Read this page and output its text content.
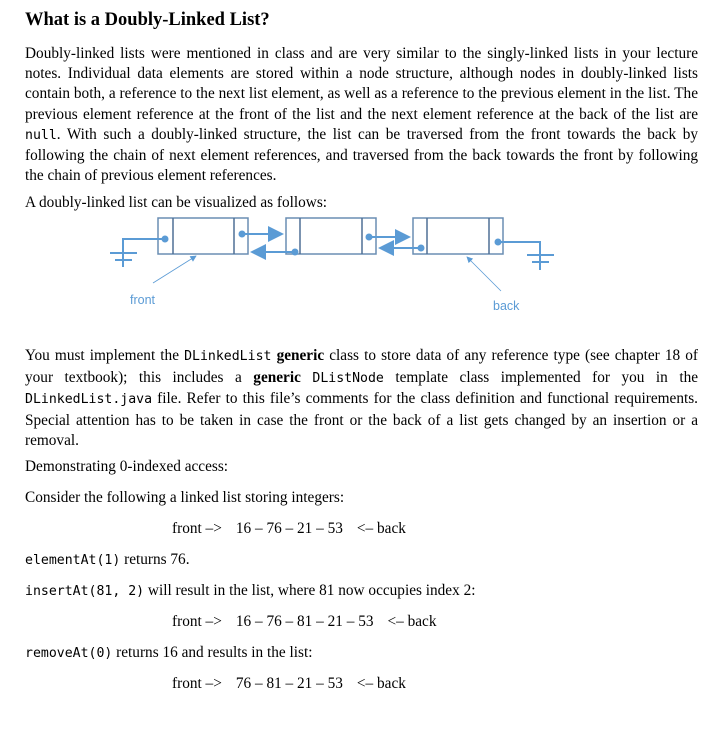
What is a Doubly-Linked List?
Doubly-linked lists were mentioned in class and are very similar to the singly-linked lists in your lecture notes. Individual data elements are stored within a node structure, although nodes in doubly-linked lists contain both, a reference to the next list element, as well as a reference to the previous element in the list. The previous element reference at the front of the list and the next element reference at the back of the list are null. With such a doubly-linked structure, the list can be traversed from the front towards the back by following the chain of next element references, and traversed from the back towards the front by following the chain of previous element references.
A doubly-linked list can be visualized as follows:
front	back
You must implement the DLinkedList generic class to store data of any reference type (see chapter 18 of your textbook); this includes a generic DListNode template class implemented for you in the DLinkedList.java file. Refer to this file’s comments for the class definition and functional requirements. Special attention has to be taken in case the front or the back of a list gets changed by an insertion or a removal.
Demonstrating 0-indexed access:
Consider the following a linked list storing integers:
front –> 16 – 76 – 21 – 53 <– back
elementAt(1) returns 76.
insertAt(81, 2) will result in the list, where 81 now occupies index 2:
front –> 16 – 76 – 81 – 21 – 53 <– back
removeAt(0) returns 16 and results in the list:
front –> 76 – 81 – 21 – 53 <– back
